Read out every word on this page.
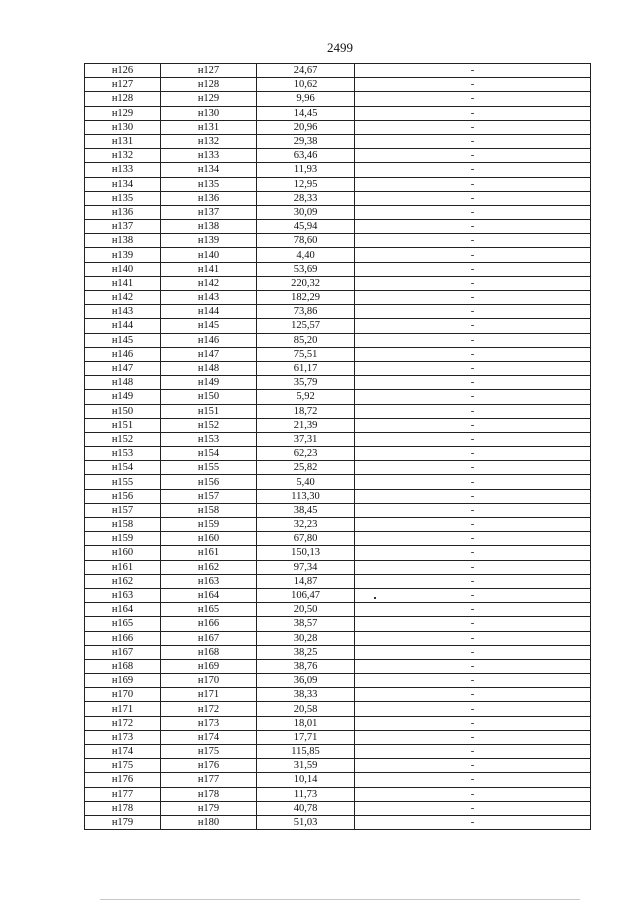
2499
н126	н127	24,67	-
н127	н128	10,62	-
н128	н129	9,96	-
н129	н130	14,45	-
н130	н131	20,96	-
н131	н132	29,38	-
н132	н133	63,46	-
н133	н134	11,93	-
н134	н135	12,95	-
н135	н136	28,33	-
н136	н137	30,09	-
н137	н138	45,94	-
н138	н139	78,60	-
н139	н140	4,40	-
н140	н141	53,69	-
н141	н142	220,32	-
н142	н143	182,29	-
н143	н144	73,86	-
н144	н145	125,57	-
н145	н146	85,20	-
н146	н147	75,51	-
н147	н148	61,17	-
н148	н149	35,79	-
н149	н150	5,92	-
н150	н151	18,72	-
н151	н152	21,39	-
н152	н153	37,31	-
н153	н154	62,23	-
н154	н155	25,82	-
н155	н156	5,40	-
н156	н157	113,30	-
н157	н158	38,45	-
н158	н159	32,23	-
н159	н160	67,80	-
н160	н161	150,13	-
н161	н162	97,34	-
н162	н163	14,87	-
н163	н164	106,47	-
н164	н165	20,50	-
н165	н166	38,57	-
н166	н167	30,28	-
н167	н168	38,25	-
н168	н169	38,76	-
н169	н170	36,09	-
н170	н171	38,33	-
н171	н172	20,58	-
н172	н173	18,01	-
н173	н174	17,71	-
н174	н175	115,85	-
н175	н176	31,59	-
н176	н177	10,14	-
н177	н178	11,73	-
н178	н179	40,78	-
н179	н180	51,03	-
